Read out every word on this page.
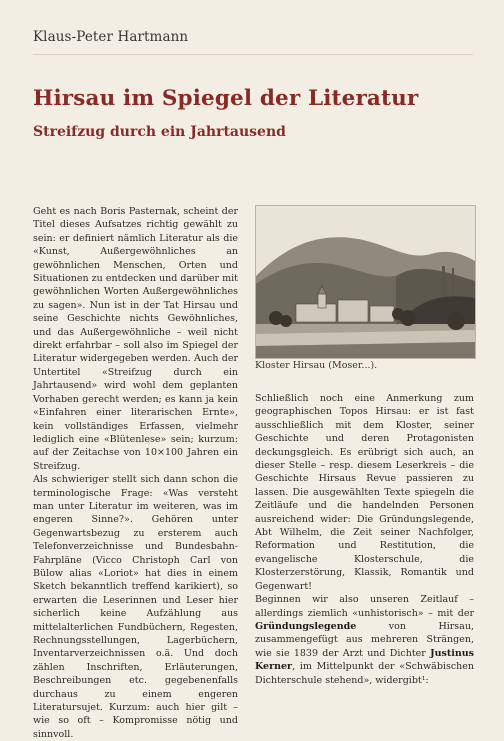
Klaus-Peter Hartmann
Hirsau im Spiegel der Literatur
Streifzug durch ein Jahrtausend

Geht es nach Boris Pasternak, scheint der Titel dieses Aufsatzes richtig gewählt zu sein: er definiert nämlich Literatur als die «Kunst, Außergewöhnliches an gewöhnlichen Menschen, Orten und Situationen zu entdecken und darüber mit gewöhnlichen Worten Außergewöhnliches zu sagen». Nun ist in der Tat Hirsau und seine Geschichte nichts Gewöhnliches, und das Außergewöhnliche – weil nicht direkt erfahrbar – soll also im Spiegel der Literatur widergegeben werden. Auch der Untertitel «Streifzug durch ein Jahrtausend» wird wohl dem geplanten Vorhaben gerecht werden; es kann ja kein «Einfahren einer literarischen Ernte», kein vollständiges Erfassen, vielmehr lediglich eine «Blütenlese» sein; kurzum: auf der Zeitachse von 10×100 Jahren ein Streifzug.

Als schwieriger stellt sich dann schon die terminologische Frage: «Was versteht man unter Literatur im weiteren, was im engeren Sinne?». Gehören unter Gegenwartsbezug zu ersterem auch Telefonverzeichnisse und Bundesbahn-Fahrpläne (Vicco Christoph Carl von Bülow alias «Loriot» hat dies in einem Sketch bekanntlich treffend karikiert), so erwarten die Leserinnen und Leser hier sicherlich keine Aufzählung aus mittelalterlichen Fundbüchern, Regesten, Rechnungsstellungen, Lagerbüchern, Inventarverzeichnissen o.ä. Und doch zählen Inschriften, Erläuterungen, Beschreibungen etc. gegebenenfalls durchaus zu einem engeren Literatursujet. Kurzum: auch hier gilt – wie so oft – Kompromisse nötig und sinnvoll.

Kloster Hirsau (Moser...).

Schließlich noch eine Anmerkung zum geographischen Topos Hirsau: er ist fast ausschließlich mit dem Kloster, seiner Geschichte und deren Protagonisten deckungsgleich. Es erübrigt sich auch, an dieser Stelle – resp. diesem Leserkreis – die Geschichte Hirsaus Revue passieren zu lassen. Die ausgewählten Texte spiegeln die Zeitläufe und die handelnden Personen ausreichend wider: Die Gründungslegende, Abt Wilhelm, die Zeit seiner Nachfolger, Reformation und Restitution, die evangelische Klosterschule, die Klosterzerstörung, Klassik, Romantik und Gegenwart!

Beginnen wir also unseren Zeitlauf – allerdings ziemlich «unhistorisch» – mit der Gründungslegende von Hirsau, zusammengefügt aus mehreren Strängen, wie sie 1839 der Arzt und Dichter Justinus Kerner, im Mittelpunkt der «Schwäbischen Dichterschule stehend», widergibt¹:
